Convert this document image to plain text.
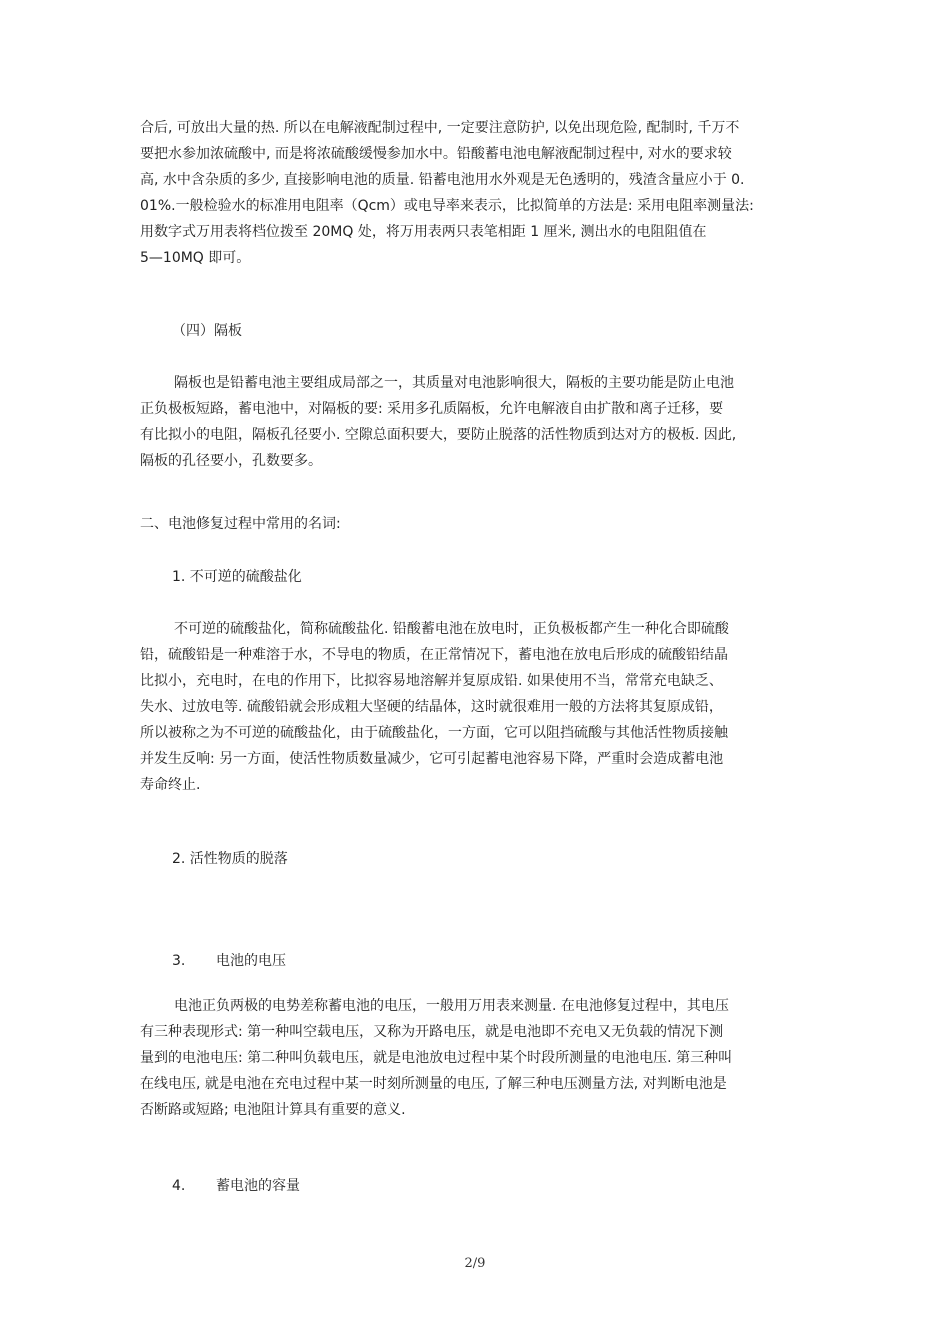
合后, 可放出大量的热. 所以在电解液配制过程中, 一定要注意防护, 以免出现危险, 配制时, 千万不
要把水参加浓硫酸中, 而是将浓硫酸缓慢参加水中。铅酸蓄电池电解液配制过程中, 对水的要求较
高, 水中含杂质的多少, 直接影响电池的质量. 铅蓄电池用水外观是无色透明的，残渣含量应小于 0.
01%.一般检验水的标准用电阻率（Qcm）或电导率来表示，比拟简单的方法是: 采用电阻率测量法:
用数字式万用表将档位拨至 20MQ 处，将万用表两只表笔相距 1 厘米, 测出水的电阻阻值在
5—10MQ 即可。
（四）隔板
隔板也是铅蓄电池主要组成局部之一，其质量对电池影响很大，隔板的主要功能是防止电池
正负极板短路，蓄电池中，对隔板的要: 采用多孔质隔板，允许电解液自由扩散和离子迁移，要
有比拟小的电阻，隔板孔径要小. 空隙总面积要大，要防止脱落的活性物质到达对方的极板. 因此,
隔板的孔径要小，孔数要多。
二、电池修复过程中常用的名词:
1. 不可逆的硫酸盐化
不可逆的硫酸盐化，简称硫酸盐化. 铅酸蓄电池在放电时，正负极板都产生一种化合即硫酸
铅，硫酸铅是一种难溶于水，不导电的物质，在正常情况下，蓄电池在放电后形成的硫酸铅结晶
比拟小，充电时，在电的作用下，比拟容易地溶解并复原成铅. 如果使用不当，常常充电缺乏、
失水、过放电等. 硫酸铅就会形成粗大坚硬的结晶体，这时就很难用一般的方法将其复原成铅，
所以被称之为不可逆的硫酸盐化，由于硫酸盐化，一方面，它可以阻挡硫酸与其他活性物质接触
并发生反响: 另一方面，使活性物质数量减少，它可引起蓄电池容易下降，严重时会造成蓄电池
寿命终止.
2. 活性物质的脱落
3. 电池的电压
电池正负两极的电势差称蓄电池的电压，一般用万用表来测量. 在电池修复过程中，其电压
有三种表现形式: 第一种叫空载电压，又称为开路电压，就是电池即不充电又无负载的情况下测
量到的电池电压: 第二种叫负载电压，就是电池放电过程中某个时段所测量的电池电压. 第三种叫
在线电压, 就是电池在充电过程中某一时刻所测量的电压, 了解三种电压测量方法, 对判断电池是
否断路或短路; 电池阻计算具有重要的意义.
4. 蓄电池的容量
2/9
